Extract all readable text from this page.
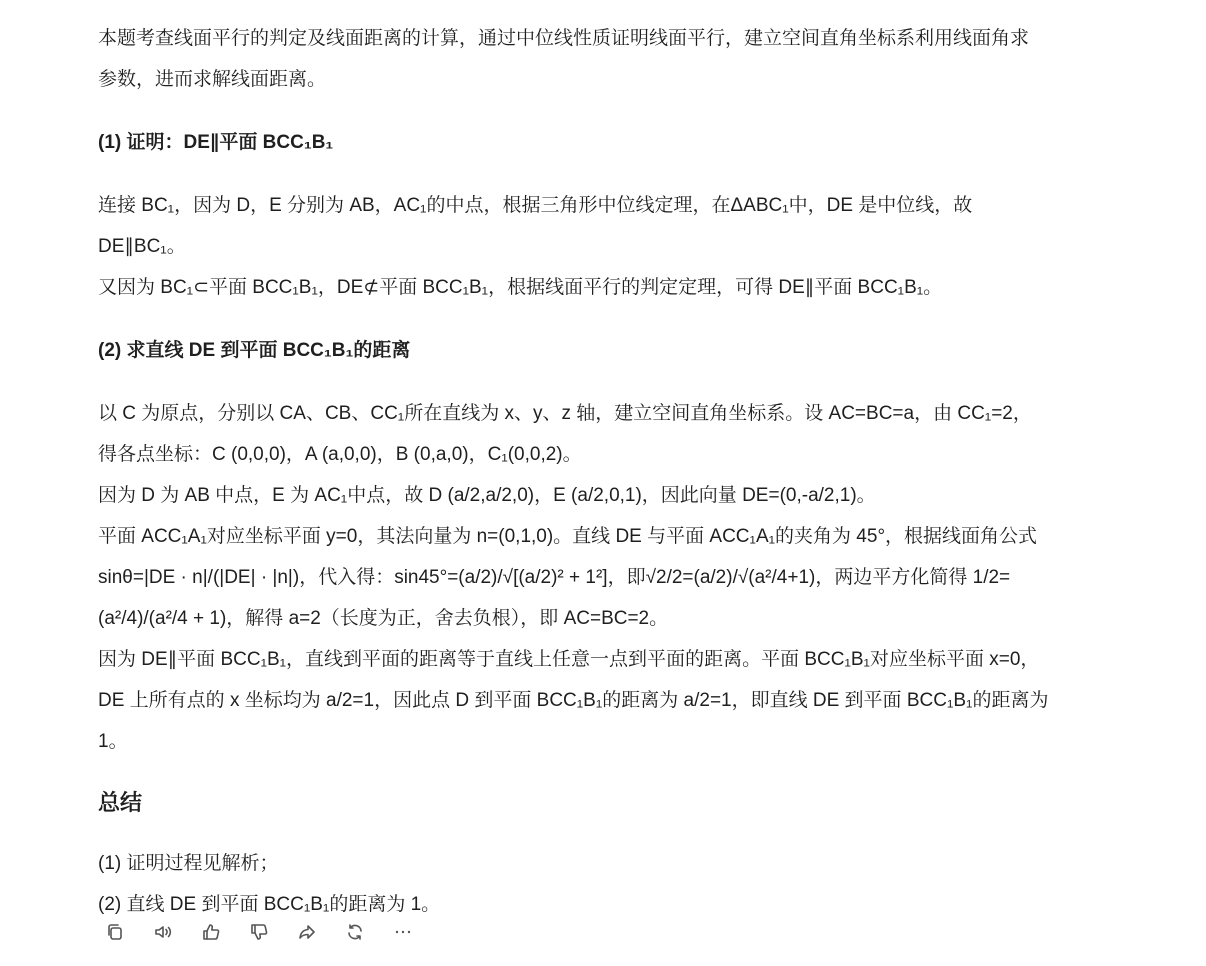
本题考查线面平行的判定及线面距离的计算，通过中位线性质证明线面平行，建立空间直角坐标系利用线面角求

参数，进而求解线面距离。

(1) 证明：DE∥平面 BCC₁B₁

连接 BC₁，因为 D，E 分别为 AB，AC₁的中点，根据三角形中位线定理，在ΔABC₁中，DE 是中位线，故

DE∥BC₁。

又因为 BC₁⊂平面 BCC₁B₁，DE⊄平面 BCC₁B₁，根据线面平行的判定定理，可得 DE∥平面 BCC₁B₁。

(2) 求直线 DE 到平面 BCC₁B₁的距离

以 C 为原点，分别以 CA、CB、CC₁所在直线为 x、y、z 轴，建立空间直角坐标系。设 AC=BC=a，由 CC₁=2，

得各点坐标：C (0,0,0)，A (a,0,0)，B (0,a,0)，C₁(0,0,2)。

因为 D 为 AB 中点，E 为 AC₁中点，故 D (a/2,a/2,0)，E (a/2,0,1)，因此向量 DE=(0,-a/2,1)。

平面 ACC₁A₁对应坐标平面 y=0，其法向量为 n=(0,1,0)。直线 DE 与平面 ACC₁A₁的夹角为 45°，根据线面角公式

sinθ=|DE · n|/(|DE| · |n|)，代入得：sin45°=(a/2)/√[(a/2)² + 1²]，即√2/2=(a/2)/√(a²/4+1)，两边平方化简得 1/2=

(a²/4)/(a²/4 + 1)，解得 a=2（长度为正，舍去负根），即 AC=BC=2。

因为 DE∥平面 BCC₁B₁，直线到平面的距离等于直线上任意一点到平面的距离。平面 BCC₁B₁对应坐标平面 x=0，

DE 上所有点的 x 坐标均为 a/2=1，因此点 D 到平面 BCC₁B₁的距离为 a/2=1，即直线 DE 到平面 BCC₁B₁的距离为

1。

总结

(1) 证明过程见解析；

(2) 直线 DE 到平面 BCC₁B₁的距离为 1。
